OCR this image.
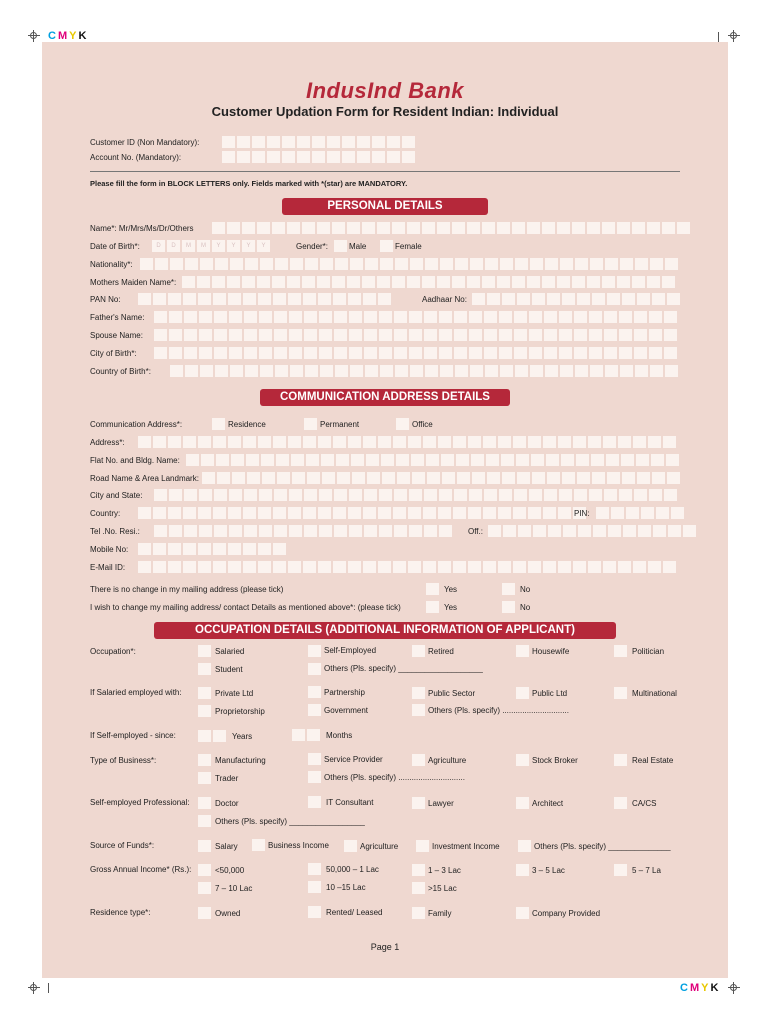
CMYK
CMYK
IndusInd Bank
Customer Updation Form for Resident Indian: Individual
Customer ID (Non Mandatory):
Account No. (Mandatory):
Please fill the form in BLOCK LETTERS only. Fields marked with *(star) are MANDATORY.
PERSONAL DETAILS
Name*: Mr/Mrs/Ms/Dr/Others
Date of Birth*:	D	D	M	M	Y	Y	Y	Y	Gender*:	Male	Female
Nationality*:
Mothers Maiden Name*:
PAN No:	Aadhaar No:
Father's Name:
Spouse Name:
City of Birth*:
Country of Birth*:
COMMUNICATION ADDRESS DETAILS
Communication Address*:	Residence	Permanent	Office
Address*:
Flat No. and Bldg. Name:
Road Name & Area Landmark:
City and State:
Country:	PIN:
Tel .No. Resi.:	Off.:
Mobile No:
E-Mail ID:
There is no change in my mailing address (please tick)	Yes	No
I wish to change my mailing address/ contact Details as mentioned above*: (please tick)	Yes	No
OCCUPATION DETAILS (ADDITIONAL INFORMATION OF APPLICANT)
Occupation*:	Salaried	Self-Employed	Retired	Housewife	Politician
Student	Others (Pls. specify) ___________________
If Salaried employed with:	Private Ltd	Partnership	Public Sector	Public Ltd	Multinational
Proprietorship	Government	Others (Pls. specify) ..............................
If Self-employed - since:	Years	Months
Type of Business*:	Manufacturing	Service Provider	Agriculture	Stock Broker	Real Estate
Trader	Others (Pls. specify) ..............................
Self-employed Professional:	Doctor	IT Consultant	Lawyer	Architect	CA/CS
Others (Pls. specify) _________________
Source of Funds*:	Salary	Business Income	Agriculture	Investment Income	Others (Pls. specify) ______________
Gross Annual Income* (Rs.):	<50,000	50,000 – 1 Lac	1 – 3 Lac	3 – 5 Lac	5 – 7 La
7 – 10 Lac	10 –15 Lac	>15 Lac
Residence type*:	Owned	Rented/ Leased	Family	Company Provided
Page 1
